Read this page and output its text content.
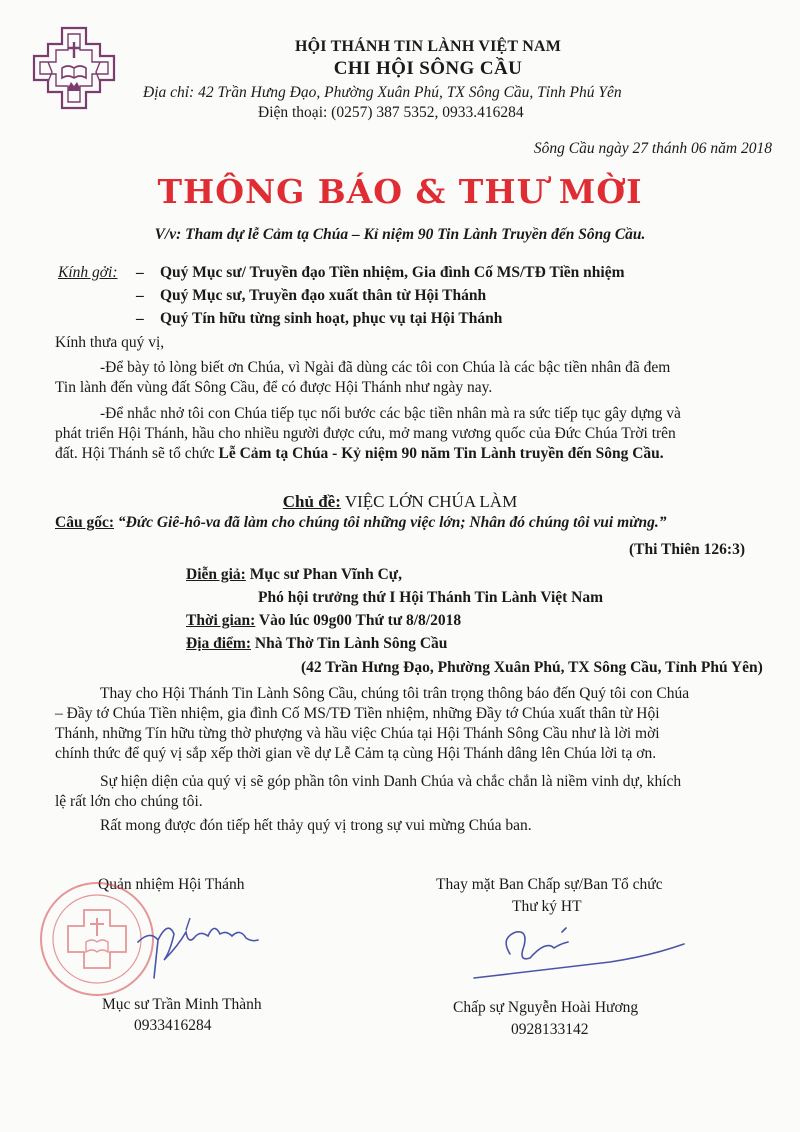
HỘI THÁNH TIN LÀNH VIỆT NAM
CHI HỘI SÔNG CẦU
Địa chỉ: 42 Trần Hưng Đạo, Phường Xuân Phú, TX Sông Cầu, Tỉnh Phú Yên
Điện thoại: (0257) 387 5352, 0933.416284
Sông Cầu ngày 27 thánh 06 năm 2018
THÔNG BÁO & THƯ MỜI
V/v: Tham dự lễ Cảm tạ Chúa – Kỉ niệm 90 Tin Lành Truyền đến Sông Cầu.
Kính gởi: – Quý Mục sư/ Truyền đạo Tiền nhiệm, Gia đình Cố MS/TĐ Tiền nhiệm
– Quý Mục sư, Truyền đạo xuất thân từ Hội Thánh
– Quý Tín hữu từng sinh hoạt, phục vụ tại Hội Thánh
Kính thưa quý vị,
-Để bày tỏ lòng biết ơn Chúa, vì Ngài đã dùng các tôi con Chúa là các bậc tiền nhân đã đem
Tin lành đến vùng đất Sông Cầu, để có được Hội Thánh như ngày nay.
-Để nhắc nhở tôi con Chúa tiếp tục nối bước các bậc tiền nhân mà ra sức tiếp tục gây dựng và
phát triển Hội Thánh, hầu cho nhiều người được cứu, mở mang vương quốc của Đức Chúa Trời trên
đất. Hội Thánh sẽ tổ chức Lễ Cảm tạ Chúa - Kỷ niệm 90 năm Tin Lành truyền đến Sông Cầu.
Chủ đề: VIỆC LỚN CHÚA LÀM
Câu gốc: “Đức Giê-hô-va đã làm cho chúng tôi những việc lớn; Nhân đó chúng tôi vui mừng.”
(Thi Thiên 126:3)
Diễn giả: Mục sư Phan Vĩnh Cự,
Phó hội trưởng thứ I Hội Thánh Tin Lành Việt Nam
Thời gian: Vào lúc 09g00 Thứ tư 8/8/2018
Địa điểm: Nhà Thờ Tin Lành Sông Cầu
(42 Trần Hưng Đạo, Phường Xuân Phú, TX Sông Cầu, Tỉnh Phú Yên)
Thay cho Hội Thánh Tin Lành Sông Cầu, chúng tôi trân trọng thông báo đến Quý tôi con Chúa
– Đầy tớ Chúa Tiền nhiệm, gia đình Cố MS/TĐ Tiền nhiệm, những Đầy tớ Chúa xuất thân từ Hội
Thánh, những Tín hữu từng thờ phượng và hầu việc Chúa tại Hội Thánh Sông Cầu như là lời mời
chính thức để quý vị sắp xếp thời gian về dự Lễ Cảm tạ cùng Hội Thánh dâng lên Chúa lời tạ ơn.
Sự hiện diện của quý vị sẽ góp phần tôn vinh Danh Chúa và chắc chắn là niềm vinh dự, khích
lệ rất lớn cho chúng tôi.
Rất mong được đón tiếp hết thảy quý vị trong sự vui mừng Chúa ban.
Quản nhiệm Hội Thánh	Thay mặt Ban Chấp sự/Ban Tổ chức
Thư ký HT
Mục sư Trần Minh Thành
0933416284
Chấp sự Nguyễn Hoài Hương
0928133142
